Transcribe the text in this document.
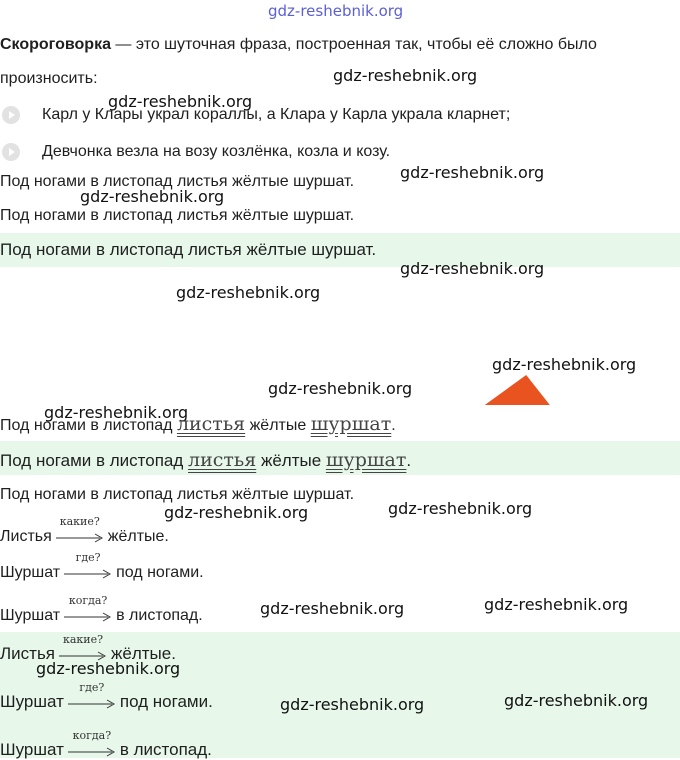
gdz-reshebnik.org
Скороговорка — это шуточная фраза, построенная так, чтобы её сложно было
произносить:	gdz-reshebnik.org
Карл у Клары украл кораллы, а Клара у Карла украла кларнет;
gdz-reshebnik.org
Девчонка везла на возу козлёнка, козла и козу.
Под ногами в листопад листья жёлтые шуршат.	gdz-reshebnik.org
gdz-reshebnik.org
Под ногами в листопад листья жёлтые шуршат.
Под ногами в листопад листья жёлтые шуршат.
gdz-reshebnik.org
gdz-reshebnik.org
gdz-reshebnik.org
gdz-reshebnik.org
gdz-reshebnik.org
Под ногами в листопад листья жёлтые шуршат.
Под ногами в листопад листья жёлтые шуршат.
Под ногами в листопад листья жёлтые шуршат.
gdz-reshebnik.org
gdz-reshebnik.org
Листья
какие?
жёлтые.
Шуршат
где?
под ногами.
Шуршат
когда?
в листопад.	gdz-reshebnik.org	gdz-reshebnik.org
Листья
какие?
жёлтые.
gdz-reshebnik.org
Шуршат
где?
под ногами.	gdz-reshebnik.org	gdz-reshebnik.org
Шуршат
когда?
в листопад.
